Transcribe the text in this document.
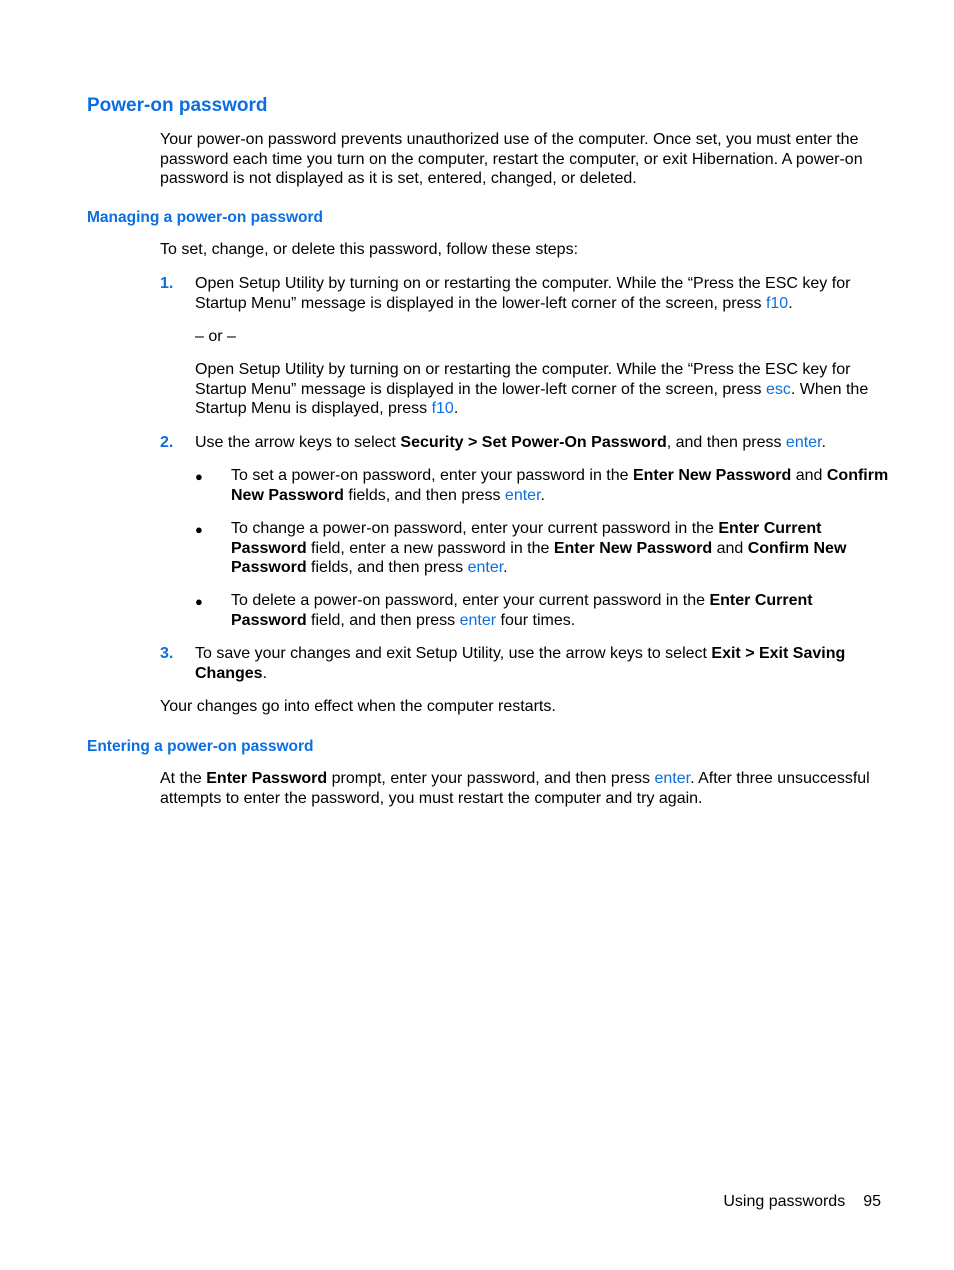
Power-on password
Your power-on password prevents unauthorized use of the computer. Once set, you must enter the password each time you turn on the computer, restart the computer, or exit Hibernation. A power-on password is not displayed as it is set, entered, changed, or deleted.
Managing a power-on password
To set, change, or delete this password, follow these steps:
1. Open Setup Utility by turning on or restarting the computer. While the “Press the ESC key for Startup Menu” message is displayed in the lower-left corner of the screen, press f10.
– or –
Open Setup Utility by turning on or restarting the computer. While the “Press the ESC key for Startup Menu” message is displayed in the lower-left corner of the screen, press esc. When the Startup Menu is displayed, press f10.
2. Use the arrow keys to select Security > Set Power-On Password, and then press enter.
● To set a power-on password, enter your password in the Enter New Password and Confirm New Password fields, and then press enter.
● To change a power-on password, enter your current password in the Enter Current Password field, enter a new password in the Enter New Password and Confirm New Password fields, and then press enter.
● To delete a power-on password, enter your current password in the Enter Current Password field, and then press enter four times.
3. To save your changes and exit Setup Utility, use the arrow keys to select Exit > Exit Saving Changes.
Your changes go into effect when the computer restarts.
Entering a power-on password
At the Enter Password prompt, enter your password, and then press enter. After three unsuccessful attempts to enter the password, you must restart the computer and try again.
Using passwords 95
